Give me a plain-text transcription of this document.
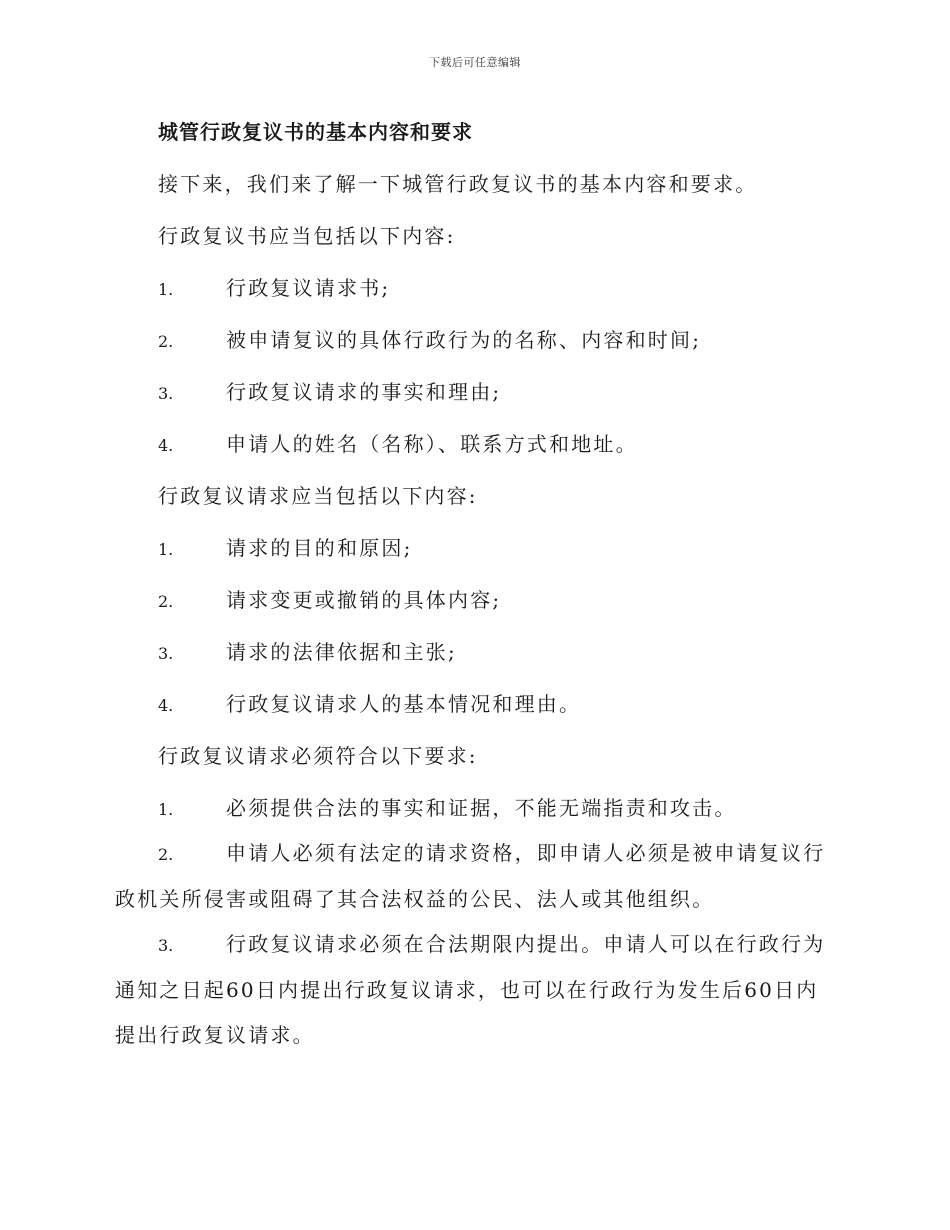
下载后可任意编辑
城管行政复议书的基本内容和要求
接下来，我们来了解一下城管行政复议书的基本内容和要求。
行政复议书应当包括以下内容:
1.	行政复议请求书;
2.	被申请复议的具体行政行为的名称、内容和时间;
3.	行政复议请求的事实和理由;
4.	申请人的姓名（名称）、联系方式和地址。
行政复议请求应当包括以下内容:
1.	请求的目的和原因;
2.	请求变更或撤销的具体内容;
3.	请求的法律依据和主张;
4.	行政复议请求人的基本情况和理由。
行政复议请求必须符合以下要求:
1.	必须提供合法的事实和证据，不能无端指责和攻击。
2.	申请人必须有法定的请求资格，即申请人必须是被申请复议行政机关所侵害或阻碍了其合法权益的公民、法人或其他组织。
3.	行政复议请求必须在合法期限内提出。申请人可以在行政行为通知之日起60日内提出行政复议请求，也可以在行政行为发生后60日内提出行政复议请求。
